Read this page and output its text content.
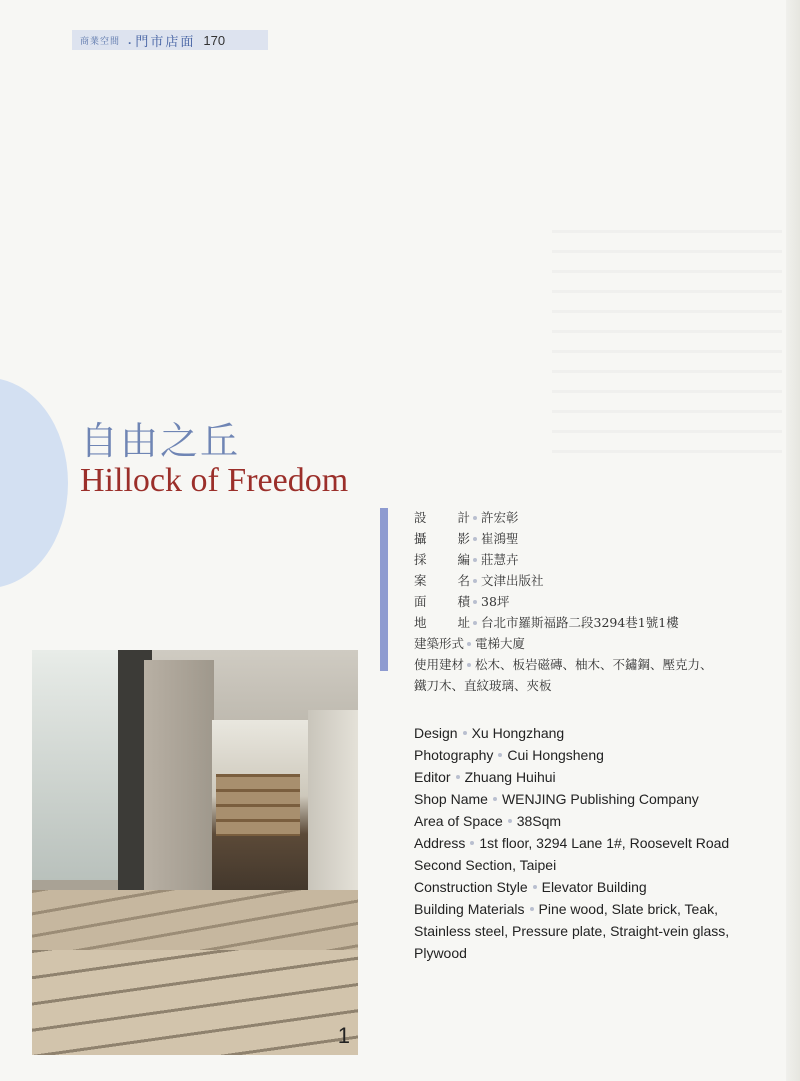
商業空間 . 門市店面 170
自由之丘
Hillock of Freedom
設計 許宏彰
攝影 崔鴻聖
採編 莊慧卉
案名 文津出版社
面積 38坪
地址 台北市羅斯福路二段3294巷1號1樓
建築形式 電梯大廈
使用建材 松木、板岩磁磚、柚木、不鏽鋼、壓克力、鐵刀木、直紋玻璃、夾板
1
Design Xu Hongzhang
Photography Cui Hongsheng
Editor Zhuang Huihui
Shop Name WENJING Publishing Company
Area of Space 38Sqm
Address 1st floor, 3294 Lane 1#, Roosevelt Road Second Section, Taipei
Construction Style Elevator Building
Building Materials Pine wood, Slate brick, Teak, Stainless steel, Pressure plate, Straight-vein glass, Plywood
